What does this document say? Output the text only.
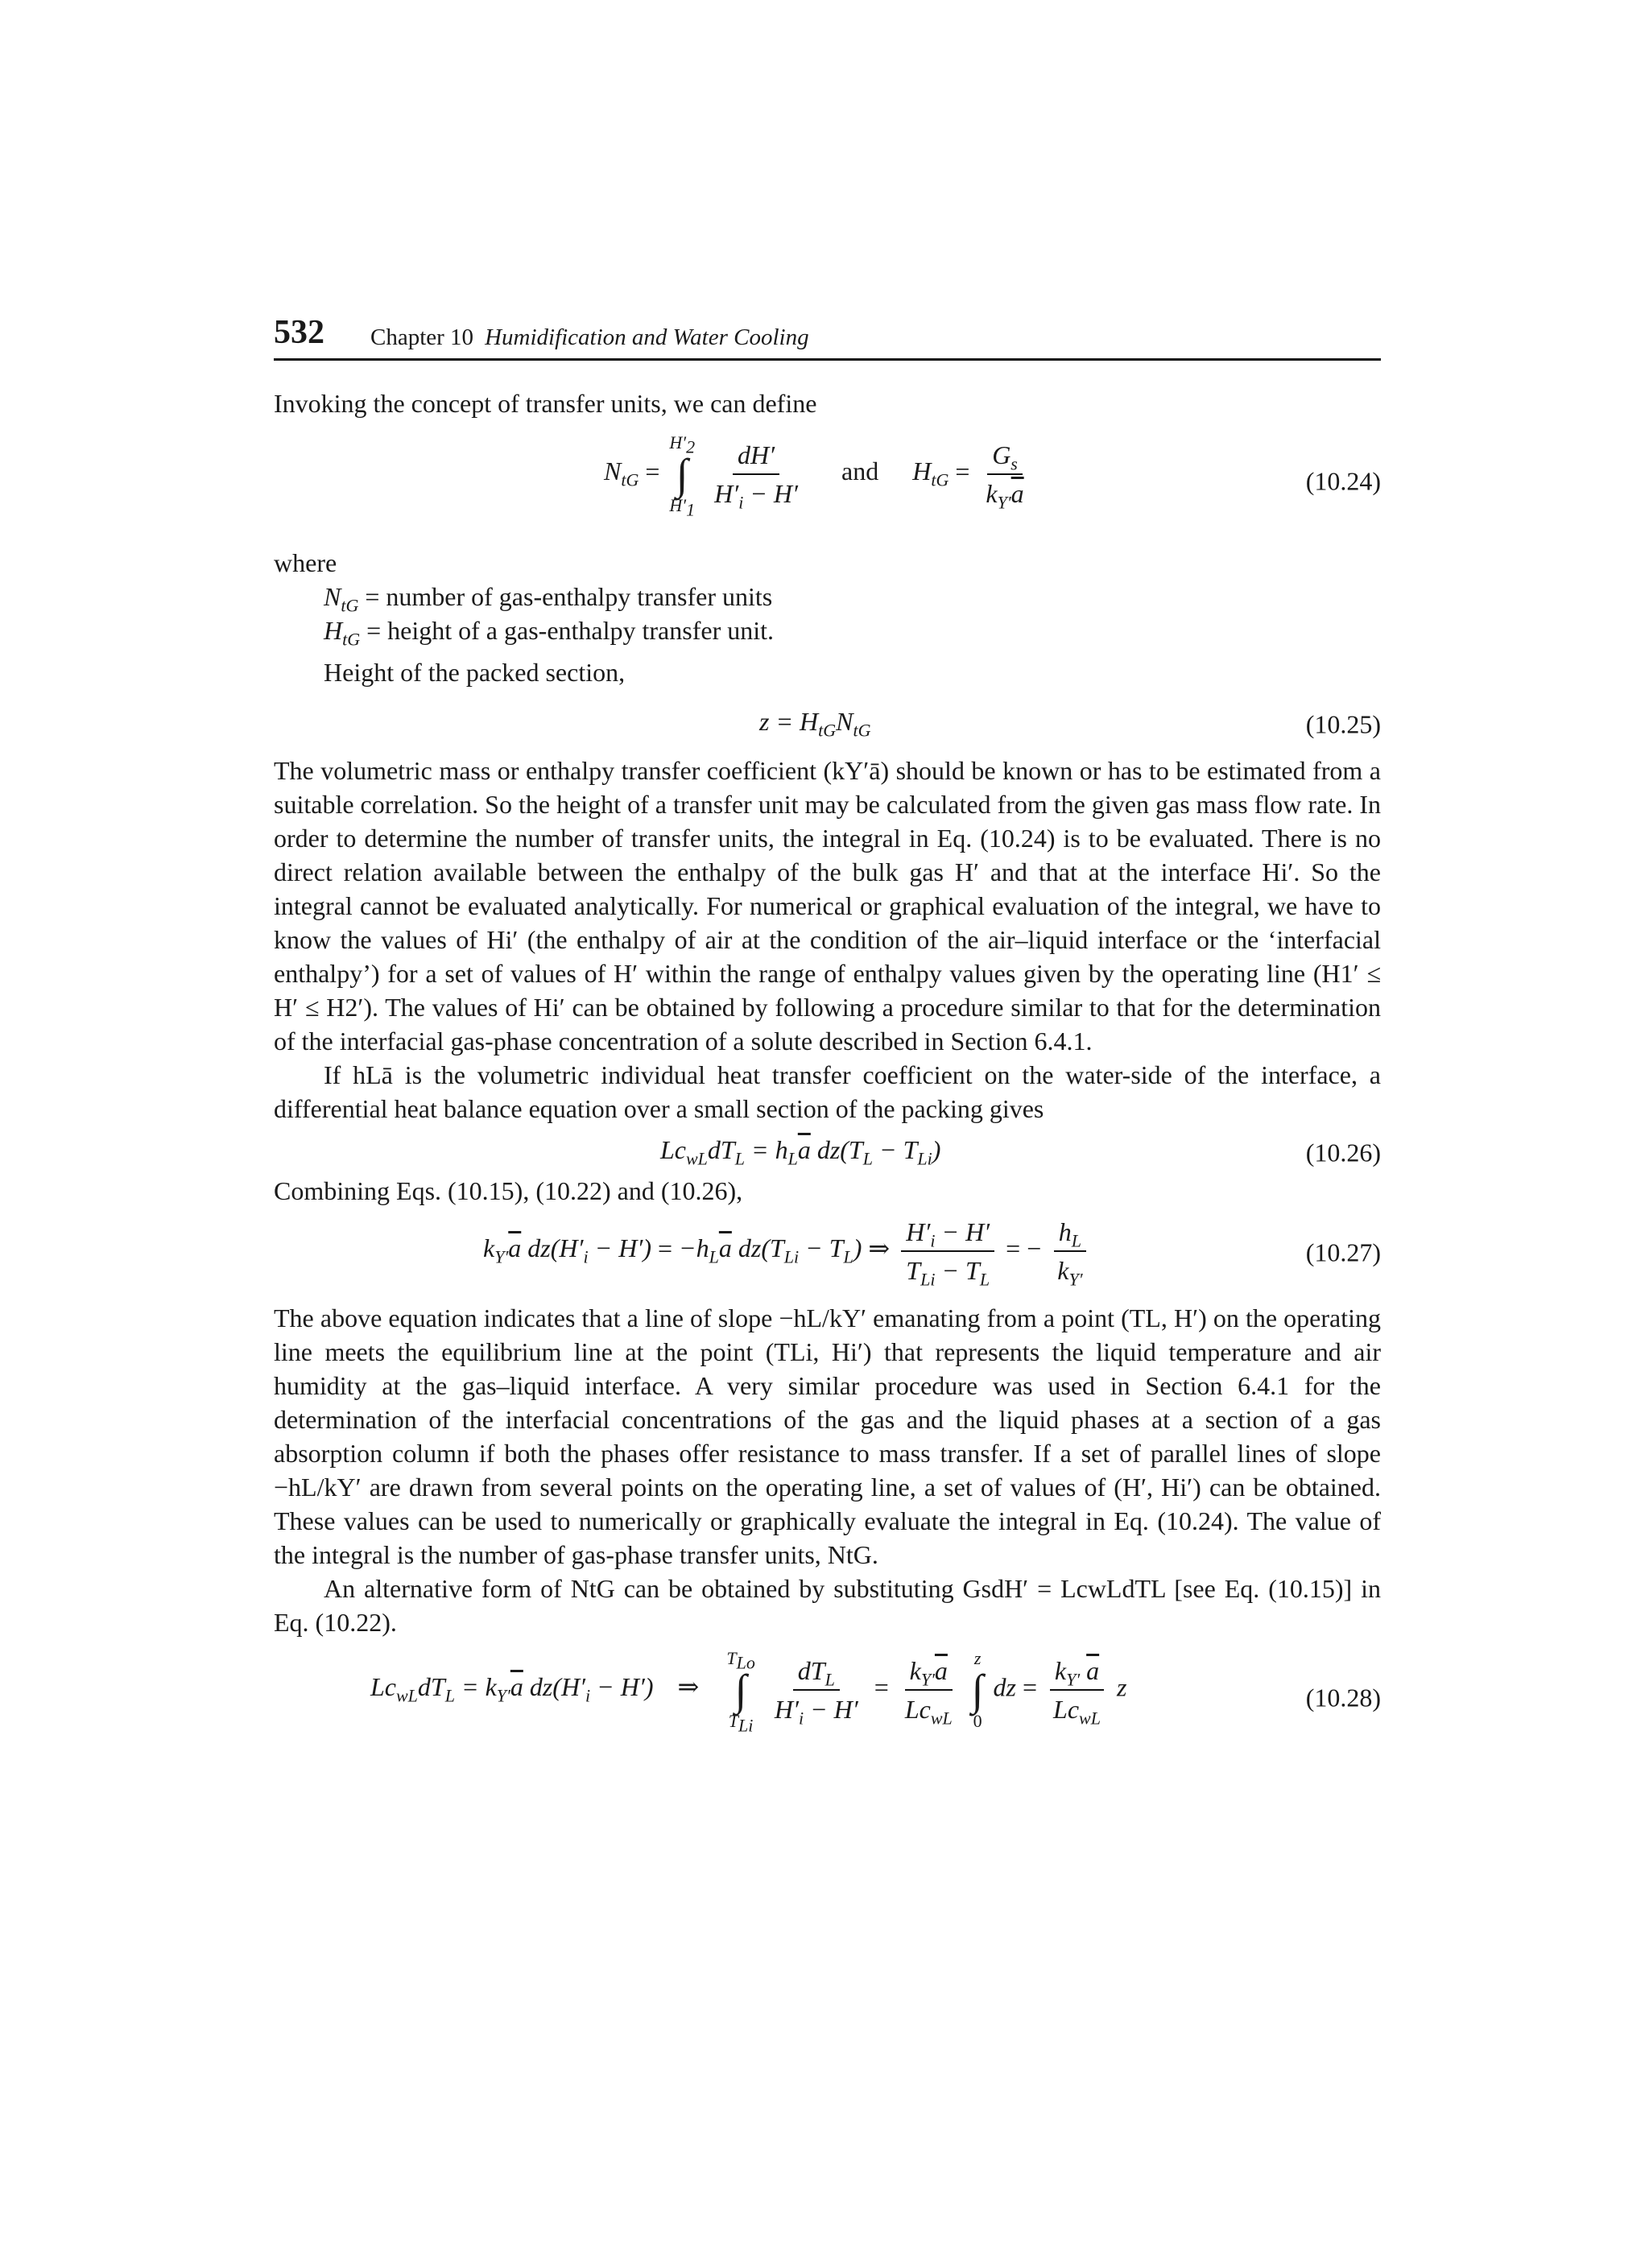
532 Chapter 10 Humidification and Water Cooling

Invoking the concept of transfer units, we can define

$N_{tG}$ =
$H'_2$
∫
$H'_1$
$\frac{dH'}{H'_i - H'}$ and $H_{tG} = \frac{G_s}{k_{Y'}\overline{a}}$	(10.24)

where

$N_{tG}$ = number of gas-enthalpy transfer units

$H_{tG}$ = height of a gas-enthalpy transfer unit.

Height of the packed section,

$z = H_{tG}N_{tG}$	(10.25)

The volumetric mass or enthalpy transfer coefficient (kY′ā) should be known or has to be estimated from a suitable correlation. So the height of a transfer unit may be calculated from the given gas mass flow rate. In order to determine the number of transfer units, the integral in Eq. (10.24) is to be evaluated. There is no direct relation available between the enthalpy of the bulk gas H′ and that at the interface Hi′. So the integral cannot be evaluated analytically. For numerical or graphical evaluation of the integral, we have to know the values of Hi′ (the enthalpy of air at the condition of the air–liquid interface or the ‘interfacial enthalpy’) for a set of values of H′ within the range of enthalpy values given by the operating line (H1′ ≤ H′ ≤ H2′). The values of Hi′ can be obtained by following a procedure similar to that for the determination of the interfacial gas-phase concentration of a solute described in Section 6.4.1.

If hLā is the volumetric individual heat transfer coefficient on the water-side of the interface, a differential heat balance equation over a small section of the packing gives

$Lc_{wL}dT_L = h_L\overline{a}$ $dz(T_L - T_{Li})$	(10.26)

Combining Eqs. (10.15), (10.22) and (10.26),

$k_{Y'}\overline{a}$ $dz(H'_i - H') = -h_L\overline{a}$ $dz(T_{Li} - T_L)$ ⇒ $\frac{H'_i - H'}{T_{Li} - T_L}$ = − $\frac{h_L}{k_{Y'}}$	(10.27)

The above equation indicates that a line of slope −hL/kY′ emanating from a point (TL, H′) on the operating line meets the equilibrium line at the point (TLi, Hi′) that represents the liquid temperature and air humidity at the gas–liquid interface. A very similar procedure was used in Section 6.4.1 for the determination of the interfacial concentrations of the gas and the liquid phases at a section of a gas absorption column if both the phases offer resistance to mass transfer. If a set of parallel lines of slope −hL/kY′ are drawn from several points on the operating line, a set of values of (H′, Hi′) can be obtained. These values can be used to numerically or graphically evaluate the integral in Eq. (10.24). The value of the integral is the number of gas-phase transfer units, NtG.

An alternative form of NtG can be obtained by substituting GsdH′ = LcwLdTL [see Eq. (10.15)] in Eq. (10.22).

$Lc_{wL}dT_L = k_{Y'}\overline{a}$ $dz(H'_i - H')$ ⇒
$T_{Lo}$
∫
$T_{Li}$
$\frac{dT_L}{H'_i - H'} = \frac{k_{Y'}\overline{a}}{Lc_{wL}}$
z
∫
0
dz = $\frac{k_{Y'} \overline{a}}{Lc_{wL}}$ z	(10.28)
